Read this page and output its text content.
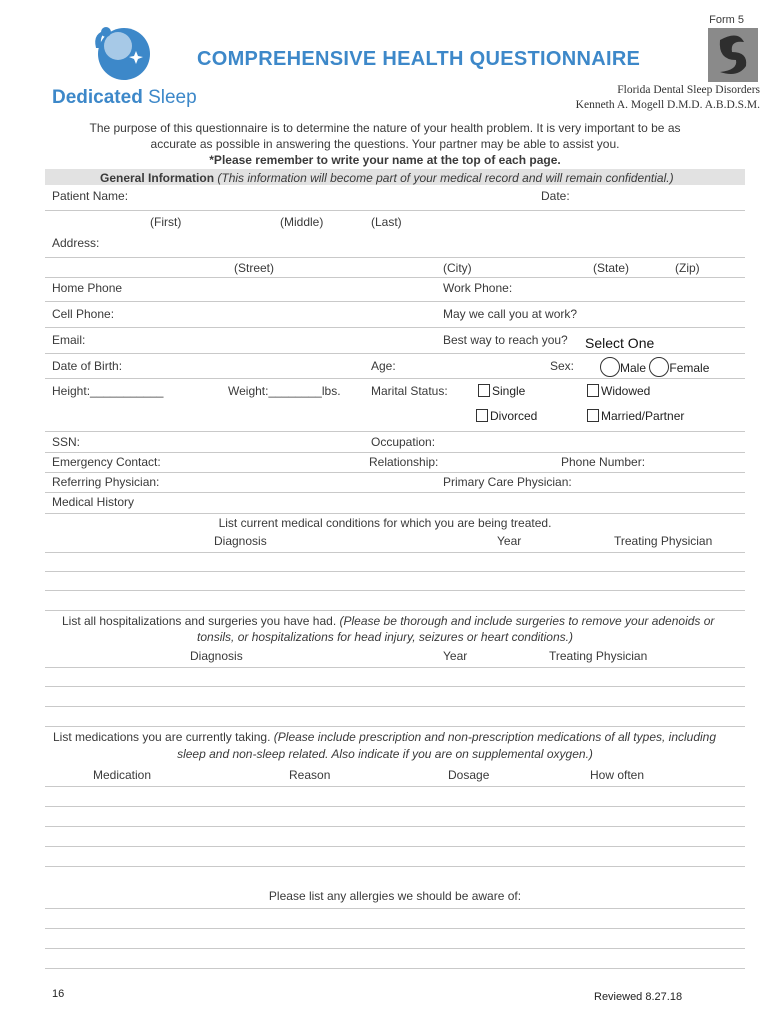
Form 5
Dedicated Sleep
COMPREHENSIVE HEALTH QUESTIONNAIRE
Florida Dental Sleep Disorders
Kenneth A. Mogell D.M.D. A.B.D.S.M.
The purpose of this questionnaire is to determine the nature of your health problem. It is very important to be as
accurate as possible in answering the questions. Your partner may be able to assist you.
*Please remember to write your name at the top of each page.
General Information (This information will become part of your medical record and will remain confidential.)
Patient Name:	Date:
(First)	(Middle)	(Last)
Address:
(Street)	(City)	(State)	(Zip)
Home Phone	Work Phone:
Cell Phone:	May we call you at work?
Email:	Best way to reach you? Select One
Date of Birth:	Age:	Sex:	Male Female
Height:___________	Weight:________lbs.	Marital Status:	Single	Widowed
Divorced	Married/Partner
SSN:	Occupation:
Emergency Contact:	Relationship:	Phone Number:
Referring Physician:	Primary Care Physician:
Medical History
List current medical conditions for which you are being treated.
Diagnosis	Year	Treating Physician
List all hospitalizations and surgeries you have had. (Please be thorough and include surgeries to remove your adenoids or
tonsils, or hospitalizations for head injury, seizures or heart conditions.)
Diagnosis	Year	Treating Physician
List medications you are currently taking. (Please include prescription and non-prescription medications of all types, including
sleep and non-sleep related. Also indicate if you are on supplemental oxygen.)
Medication	Reason	Dosage	How often
Please list any allergies we should be aware of:
16	Reviewed 8.27.18
